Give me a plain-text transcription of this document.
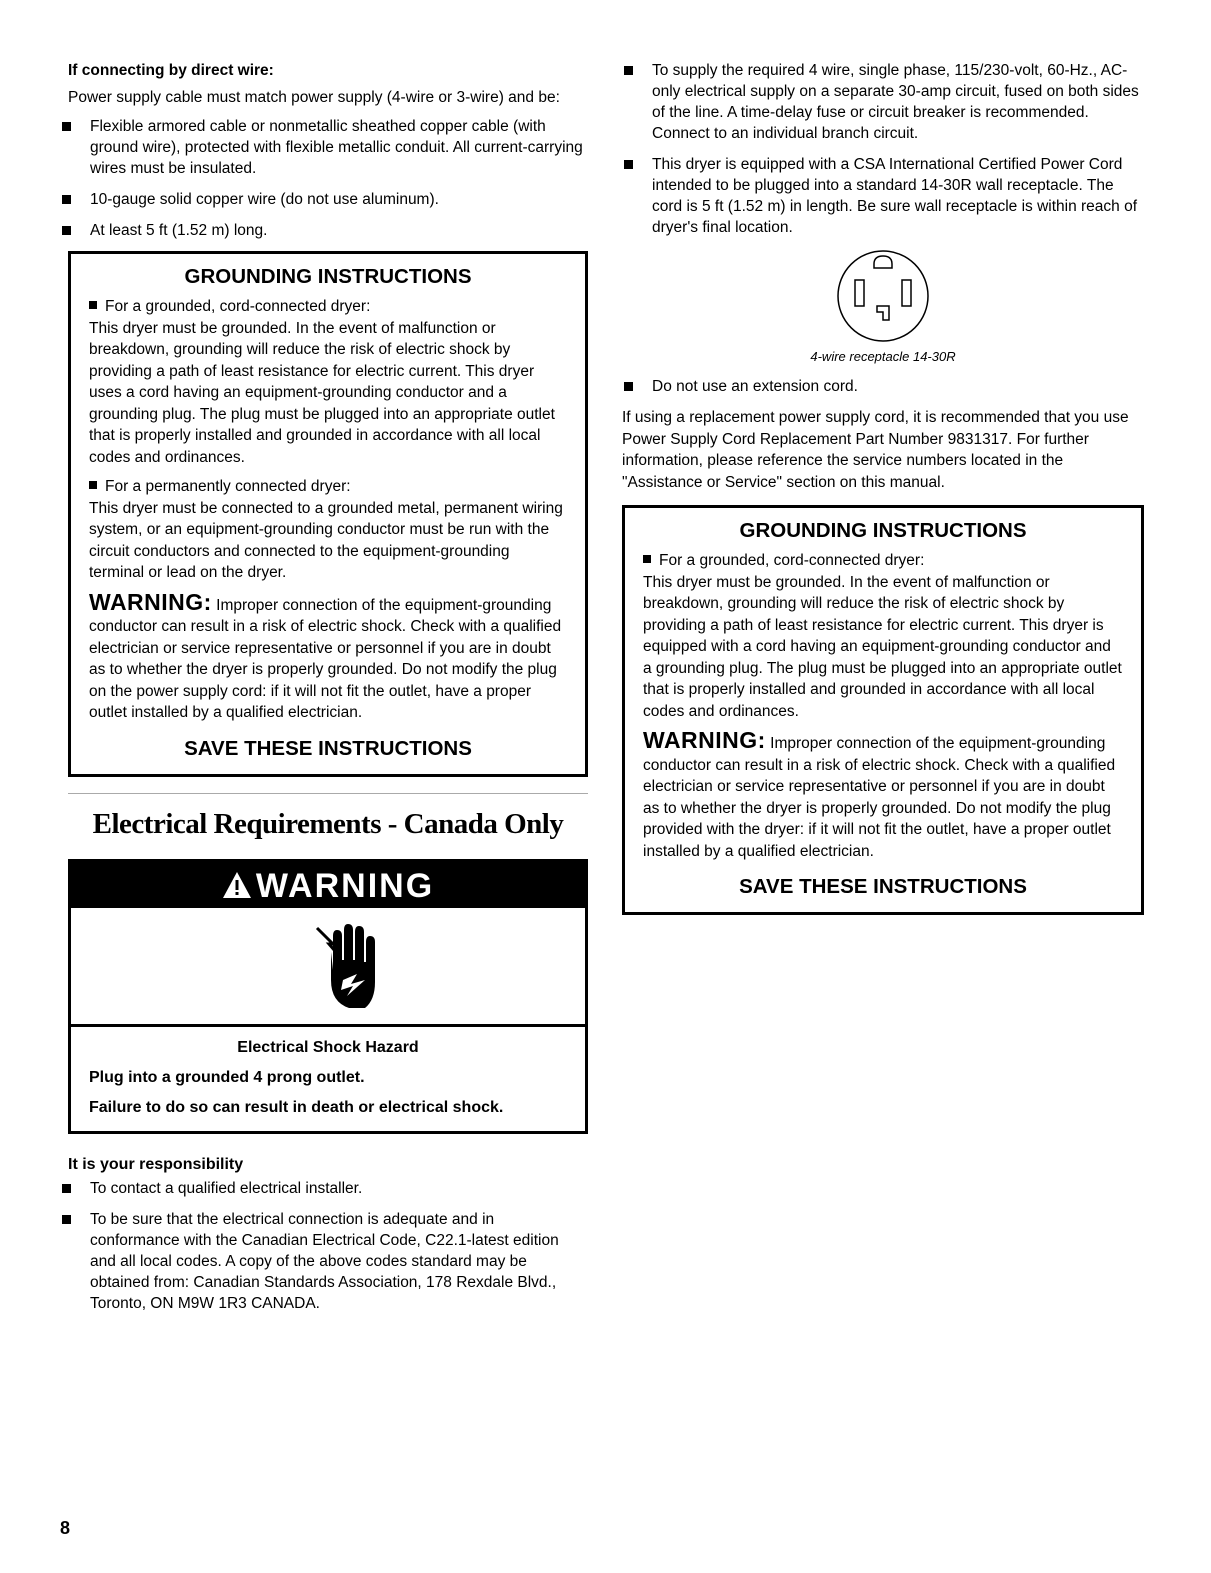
If connecting by direct wire:

Power supply cable must match power supply (4-wire or 3-wire) and be:

Flexible armored cable or nonmetallic sheathed copper cable (with ground wire), protected with flexible metallic conduit. All current-carrying wires must be insulated.
10-gauge solid copper wire (do not use aluminum).
At least 5 ft (1.52 m) long.

GROUNDING INSTRUCTIONS

For a grounded, cord-connected dryer:

This dryer must be grounded. In the event of malfunction or breakdown, grounding will reduce the risk of electric shock by providing a path of least resistance for electric current. This dryer uses a cord having an equipment-grounding conductor and a grounding plug. The plug must be plugged into an appropriate outlet that is properly installed and grounded in accordance with all local codes and ordinances.

For a permanently connected dryer:

This dryer must be connected to a grounded metal, permanent wiring system, or an equipment-grounding conductor must be run with the circuit conductors and connected to the equipment-grounding terminal or lead on the dryer.

WARNING: Improper connection of the equipment-grounding conductor can result in a risk of electric shock. Check with a qualified electrician or service representative or personnel if you are in doubt as to whether the dryer is properly grounded. Do not modify the plug on the power supply cord: if it will not fit the outlet, have a proper outlet installed by a qualified electrician.

SAVE THESE INSTRUCTIONS

Electrical Requirements - Canada Only
WARNING

Electrical Shock Hazard

Plug into a grounded 4 prong outlet.

Failure to do so can result in death or electrical shock.

It is your responsibility

To contact a qualified electrical installer.
To be sure that the electrical connection is adequate and in conformance with the Canadian Electrical Code, C22.1-latest edition and all local codes. A copy of the above codes standard may be obtained from: Canadian Standards Association, 178 Rexdale Blvd., Toronto, ON M9W 1R3 CANADA.
To supply the required 4 wire, single phase, 115/230-volt, 60-Hz., AC-only electrical supply on a separate 30-amp circuit, fused on both sides of the line. A time-delay fuse or circuit breaker is recommended. Connect to an individual branch circuit.
This dryer is equipped with a CSA International Certified Power Cord intended to be plugged into a standard 14-30R wall receptacle. The cord is 5 ft (1.52 m) in length. Be sure wall receptacle is within reach of dryer's final location.

4-wire receptacle 14-30R

Do not use an extension cord.

If using a replacement power supply cord, it is recommended that you use Power Supply Cord Replacement Part Number 9831317. For further information, please reference the service numbers located in the "Assistance or Service" section on this manual.

GROUNDING INSTRUCTIONS

For a grounded, cord-connected dryer:

This dryer must be grounded. In the event of malfunction or breakdown, grounding will reduce the risk of electric shock by providing a path of least resistance for electric current. This dryer is equipped with a cord having an equipment-grounding conductor and a grounding plug. The plug must be plugged into an appropriate outlet that is properly installed and grounded in accordance with all local codes and ordinances.

WARNING: Improper connection of the equipment-grounding conductor can result in a risk of electric shock. Check with a qualified electrician or service representative or personnel if you are in doubt as to whether the dryer is properly grounded. Do not modify the plug provided with the dryer: if it will not fit the outlet, have a proper outlet installed by a qualified electrician.

SAVE THESE INSTRUCTIONS

8
